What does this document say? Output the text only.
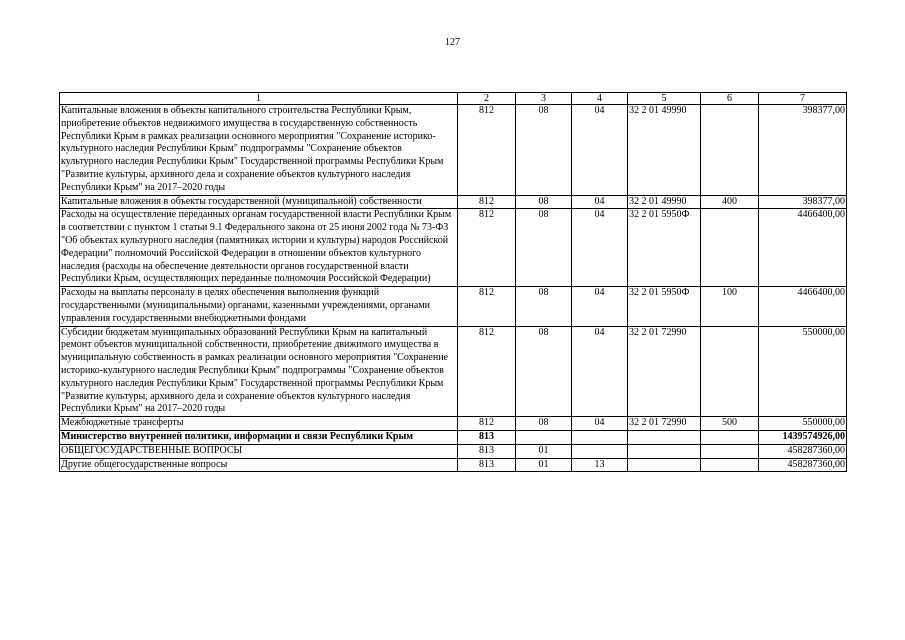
127
1	2	3	4	5	6	7
Капитальные вложения в объекты капитального строительства Республики Крым, приобретение объектов недвижимого имущества в государственную собственность Республики Крым в рамках реализации основного мероприятия "Сохранение историко-культурного наследия Республики Крым" подпрограммы "Сохранение объектов культурного наследия Республики Крым" Государственной программы Республики Крым "Развитие культуры, архивного дела и сохранение объектов культурного наследия Республики Крым" на 2017–2020 годы	812	08	04	32 2 01 49990		398377,00
Капитальные вложения в объекты государственной (муниципальной) собственности	812	08	04	32 2 01 49990	400	398377,00
Расходы на осуществление переданных органам государственной власти Республики Крым в соответствии с пунктом 1 статьи 9.1 Федерального закона от 25 июня 2002 года № 73-ФЗ "Об объектах культурного наследия (памятниках истории и культуры) народов Российской Федерации" полномочий Российской Федерации в отношении объектов культурного наследия (расходы на обеспечение деятельности органов государственной власти Республики Крым, осуществляющих переданные полномочия Российской Федерации)	812	08	04	32 2 01 5950Ф		4466400,00
Расходы на выплаты персоналу в целях обеспечения выполнения функций государственными (муниципальными) органами, казенными учреждениями, органами управления государственными внебюджетными фондами	812	08	04	32 2 01 5950Ф	100	4466400,00
Субсидии бюджетам муниципальных образований Республики Крым на капитальный ремонт объектов муниципальной собственности, приобретение движимого имущества в муниципальную собственность в рамках реализации основного мероприятия "Сохранение историко-культурного наследия Республики Крым" подпрограммы "Сохранение объектов культурного наследия Республики Крым" Государственной программы Республики Крым "Развитие культуры, архивного дела и сохранение объектов культурного наследия Республики Крым" на 2017–2020 годы	812	08	04	32 2 01 72990		550000,00
Межбюджетные трансферты	812	08	04	32 2 01 72990	500	550000,00
Министерство внутренней политики, информации и связи Республики Крым	813					1439574926,00
ОБЩЕГОСУДАРСТВЕННЫЕ ВОПРОСЫ	813	01				458287360,00
Другие общегосударственные вопросы	813	01	13			458287360,00
